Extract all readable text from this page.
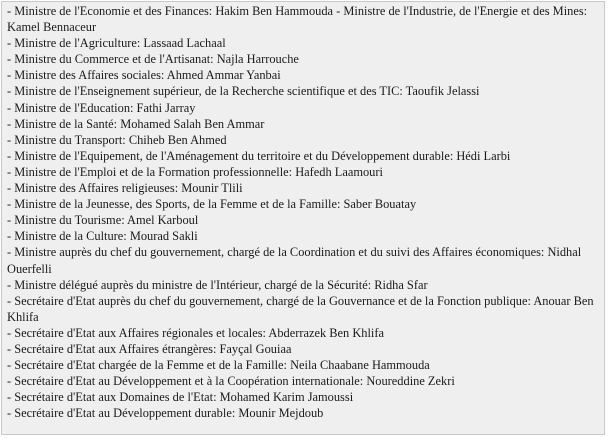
- Ministre de l'Economie et des Finances: Hakim Ben Hammouda - Ministre de l'Industrie, de l'Energie et des Mines: Kamel Bennaceur
- Ministre de l'Agriculture: Lassaad Lachaal
- Ministre du Commerce et de l'Artisanat: Najla Harrouche
- Ministre des Affaires sociales: Ahmed Ammar Yanbai
- Ministre de l'Enseignement supérieur, de la Recherche scientifique et des TIC: Taoufik Jelassi
- Ministre de l'Education: Fathi Jarray
- Ministre de la Santé: Mohamed Salah Ben Ammar
- Ministre du Transport: Chiheb Ben Ahmed
- Ministre de l'Equipement, de l'Aménagement du territoire et du Développement durable: Hédi Larbi
- Ministre de l'Emploi et de la Formation professionnelle: Hafedh Laamouri
- Ministre des Affaires religieuses: Mounir Tlili
- Ministre de la Jeunesse, des Sports, de la Femme et de la Famille: Saber Bouatay
- Ministre du Tourisme: Amel Karboul
- Ministre de la Culture: Mourad Sakli
- Ministre auprès du chef du gouvernement, chargé de la Coordination et du suivi des Affaires économiques: Nidhal Ouerfelli
- Ministre délégué auprès du ministre de l'Intérieur, chargé de la Sécurité: Ridha Sfar
- Secrétaire d'Etat auprès du chef du gouvernement, chargé de la Gouvernance et de la Fonction publique: Anouar Ben Khlifa
- Secrétaire d'Etat aux Affaires régionales et locales: Abderrazek Ben Khlifa
- Secrétaire d'Etat aux Affaires étrangères: Fayçal Gouiaa
- Secrétaire d'Etat chargée de la Femme et de la Famille: Neila Chaabane Hammouda
- Secrétaire d'Etat au Développement et à la Coopération internationale: Noureddine Zekri
- Secrétaire d'Etat aux Domaines de l'Etat: Mohamed Karim Jamoussi
- Secrétaire d'Etat au Développement durable: Mounir Mejdoub
